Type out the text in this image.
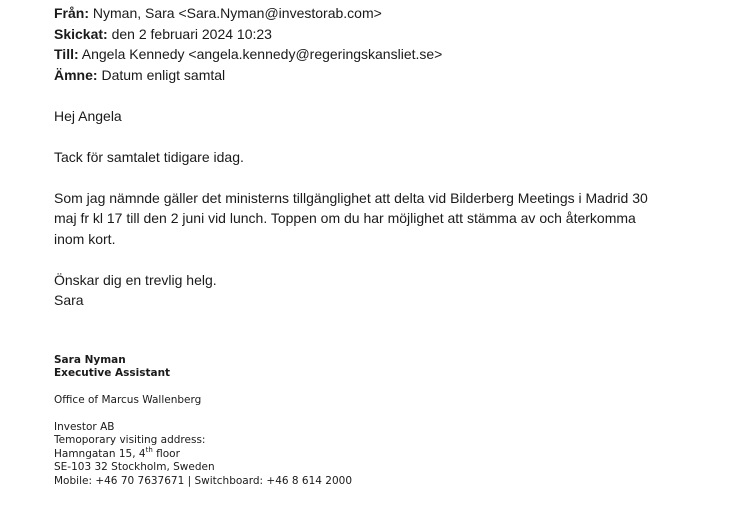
Från: Nyman, Sara <Sara.Nyman@investorab.com>
Skickat: den 2 februari 2024 10:23
Till: Angela Kennedy <angela.kennedy@regeringskansliet.se>
Ämne: Datum enligt samtal

Hej Angela

Tack för samtalet tidigare idag.

Som jag nämnde gäller det ministerns tillgänglighet att delta vid Bilderberg Meetings i Madrid 30

maj fr kl 17 till den 2 juni vid lunch. Toppen om du har möjlighet att stämma av och återkomma

inom kort.

Önskar dig en trevlig helg.

Sara

Sara Nyman
Executive Assistant
Office of Marcus Wallenberg
Investor AB
Temoporary visiting address:
Hamngatan 15, 4th floor
SE-103 32 Stockholm, Sweden
Mobile: +46 70 7637671 | Switchboard: +46 8 614 2000
